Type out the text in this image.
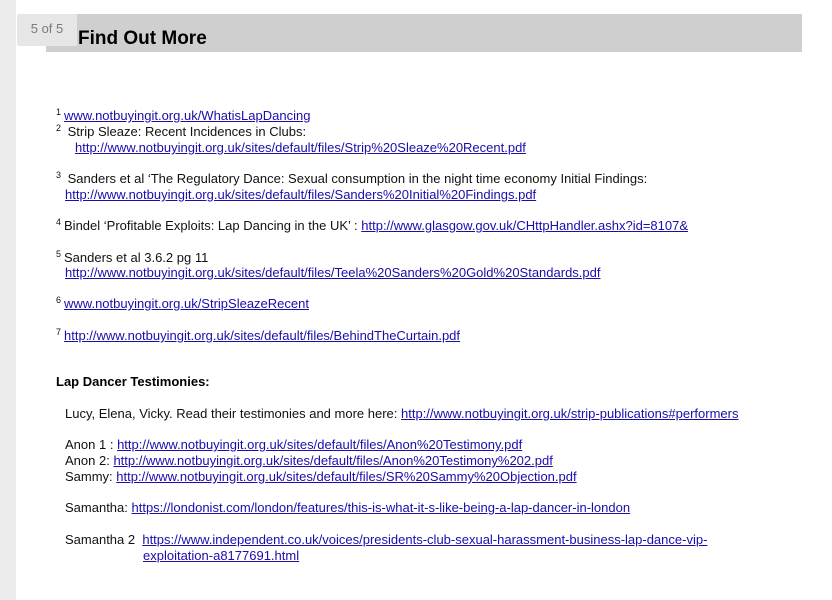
5 of 5 Find Out More
$^1$ www.notbuyingit.org.uk/WhatisLapDancing
$^2$ Strip Sleaze: Recent Incidences in Clubs:
http://www.notbuyingit.org.uk/sites/default/files/Strip%20Sleaze%20Recent.pdf
$^3$ Sanders et al ‘The Regulatory Dance: Sexual consumption in the night time economy Initial Findings:
http://www.notbuyingit.org.uk/sites/default/files/Sanders%20Initial%20Findings.pdf
$^4$ Bindel ‘Profitable Exploits: Lap Dancing in the UK’ : http://www.glasgow.gov.uk/CHttpHandler.ashx?id=8107&
$^5$ Sanders et al 3.6.2 pg 11
http://www.notbuyingit.org.uk/sites/default/files/Teela%20Sanders%20Gold%20Standards.pdf
$^6$ www.notbuyingit.org.uk/StripSleazeRecent
$^7$ http://www.notbuyingit.org.uk/sites/default/files/BehindTheCurtain.pdf
Lap Dancer Testimonies:
Lucy, Elena, Vicky. Read their testimonies and more here: http://www.notbuyingit.org.uk/strip-publications#performers
Anon 1 : http://www.notbuyingit.org.uk/sites/default/files/Anon%20Testimony.pdf
Anon 2: http://www.notbuyingit.org.uk/sites/default/files/Anon%20Testimony%202.pdf
Sammy: http://www.notbuyingit.org.uk/sites/default/files/SR%20Sammy%20Objection.pdf
Samantha: https://londonist.com/london/features/this-is-what-it-s-like-being-a-lap-dancer-in-london
Samantha 2 https://www.independent.co.uk/voices/presidents-club-sexual-harassment-business-lap-dance-vip-
exploitation-a8177691.html
